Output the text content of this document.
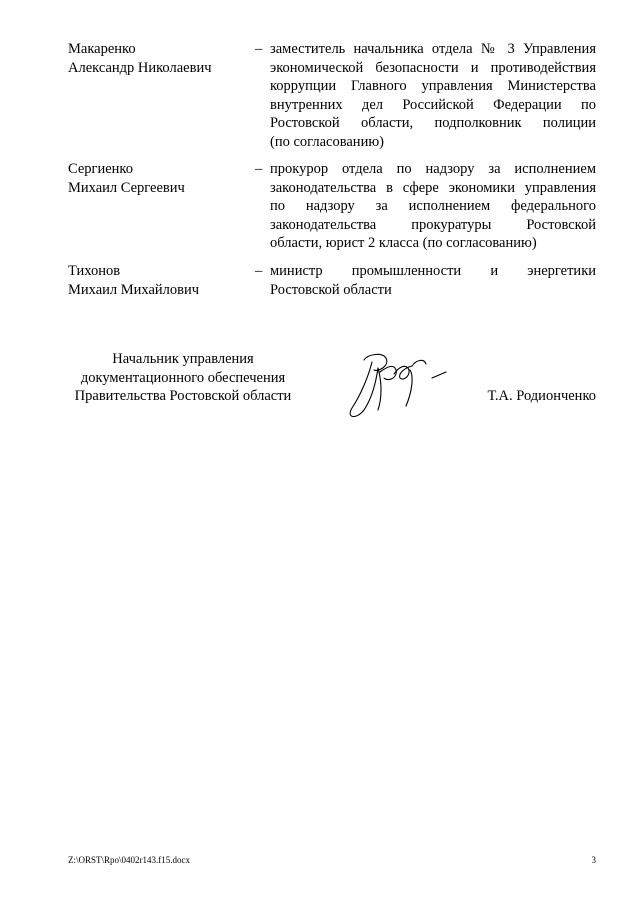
Макаренко
Александр Николаевич
– заместитель начальника отдела № 3 Управления
экономической безопасности и противодействия
коррупции Главного управления Министерства
внутренних дел Российской Федерации по
Ростовской области, подполковник полиции
(по согласованию)
Сергиенко
Михаил Сергеевич
– прокурор отдела по надзору за исполнением
законодательства в сфере экономики управления
по надзору за исполнением федерального
законодательства прокуратуры Ростовской
области, юрист 2 класса (по согласованию)
Тихонов
Михаил Михайлович
– министр промышленности и энергетики
Ростовской области
Начальник управления
документационного обеспечения
Правительства Ростовской области	Т.А. Родионченко
Z:\ORST\Rpo\0402r143.f15.docx	3
